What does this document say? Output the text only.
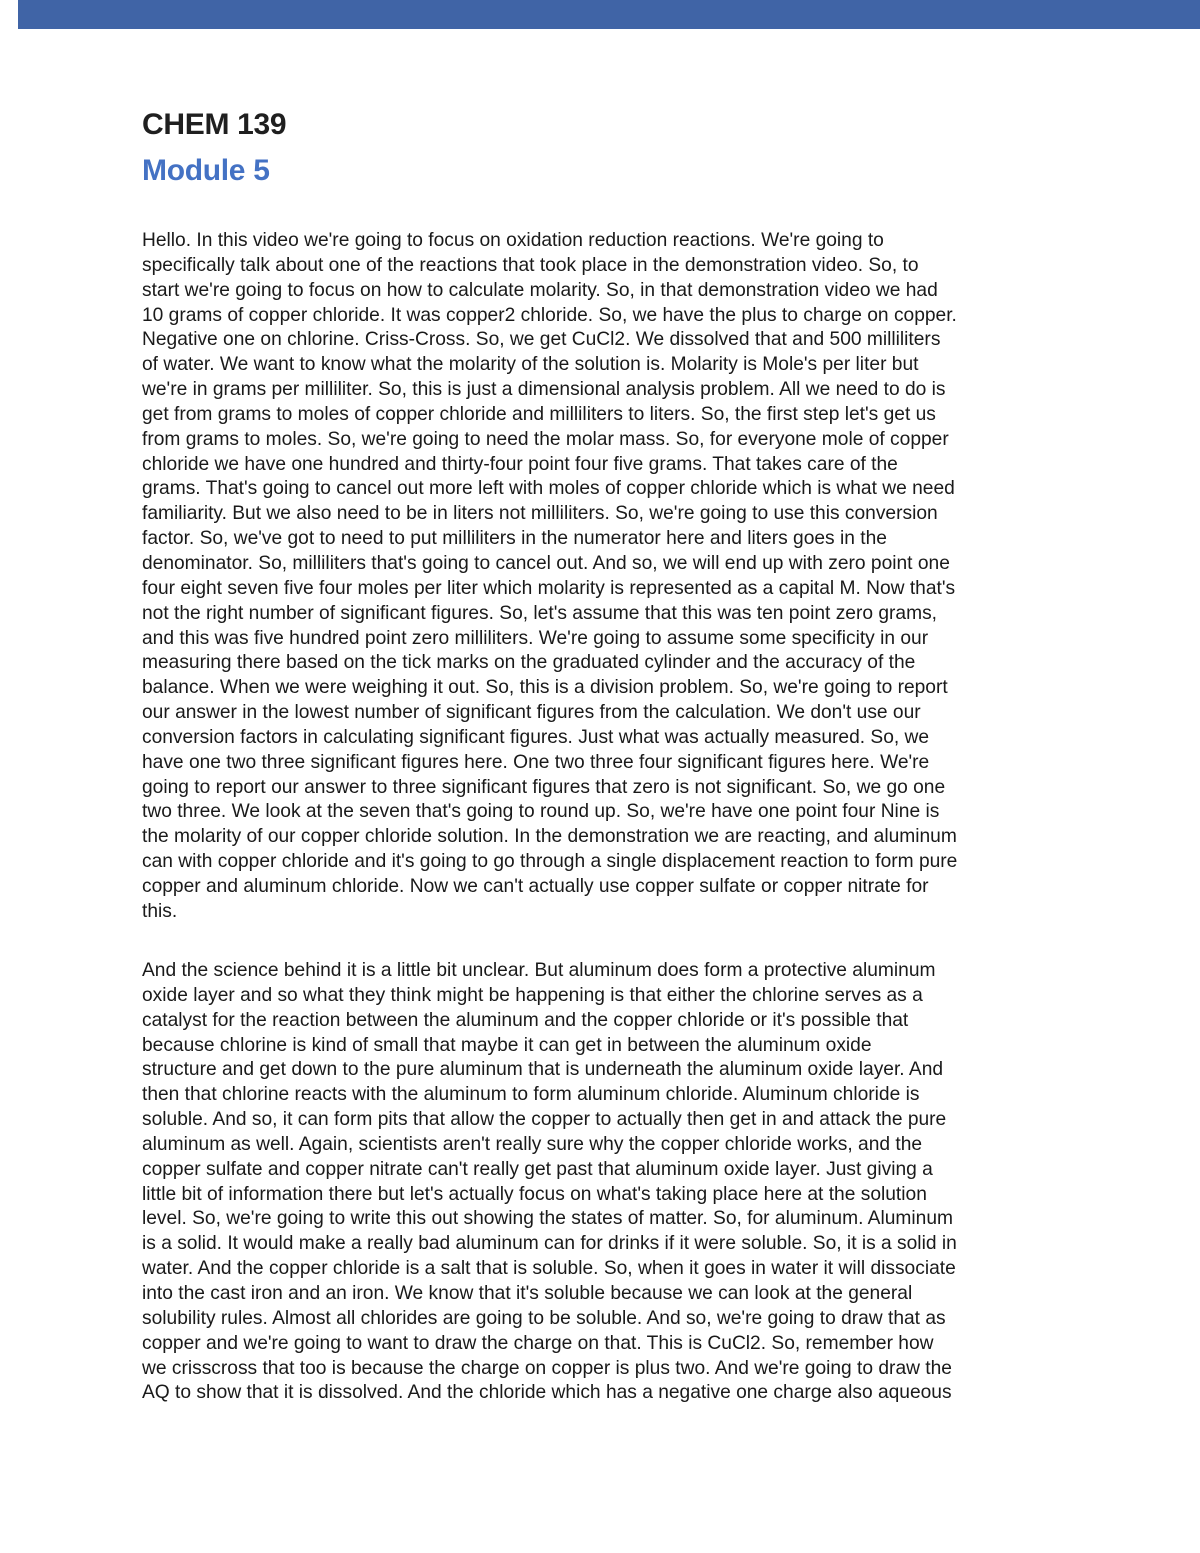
CHEM 139
Module 5
Hello. In this video we're going to focus on oxidation reduction reactions. We're going to
specifically talk about one of the reactions that took place in the demonstration video. So, to
start we're going to focus on how to calculate molarity. So, in that demonstration video we had
10 grams of copper chloride. It was copper2 chloride. So, we have the plus to charge on copper.
Negative one on chlorine. Criss-Cross. So, we get CuCl2. We dissolved that and 500 milliliters
of water. We want to know what the molarity of the solution is. Molarity is Mole's per liter but
we're in grams per milliliter. So, this is just a dimensional analysis problem. All we need to do is
get from grams to moles of copper chloride and milliliters to liters. So, the first step let's get us
from grams to moles. So, we're going to need the molar mass. So, for everyone mole of copper
chloride we have one hundred and thirty-four point four five grams. That takes care of the
grams. That's going to cancel out more left with moles of copper chloride which is what we need
familiarity. But we also need to be in liters not milliliters. So, we're going to use this conversion
factor. So, we've got to need to put milliliters in the numerator here and liters goes in the
denominator. So, milliliters that's going to cancel out. And so, we will end up with zero point one
four eight seven five four moles per liter which molarity is represented as a capital M. Now that's
not the right number of significant figures. So, let's assume that this was ten point zero grams,
and this was five hundred point zero milliliters. We're going to assume some specificity in our
measuring there based on the tick marks on the graduated cylinder and the accuracy of the
balance. When we were weighing it out. So, this is a division problem. So, we're going to report
our answer in the lowest number of significant figures from the calculation. We don't use our
conversion factors in calculating significant figures. Just what was actually measured. So, we
have one two three significant figures here. One two three four significant figures here. We're
going to report our answer to three significant figures that zero is not significant. So, we go one
two three. We look at the seven that's going to round up. So, we're have one point four Nine is
the molarity of our copper chloride solution. In the demonstration we are reacting, and aluminum
can with copper chloride and it's going to go through a single displacement reaction to form pure
copper and aluminum chloride. Now we can't actually use copper sulfate or copper nitrate for
this.
And the science behind it is a little bit unclear. But aluminum does form a protective aluminum
oxide layer and so what they think might be happening is that either the chlorine serves as a
catalyst for the reaction between the aluminum and the copper chloride or it's possible that
because chlorine is kind of small that maybe it can get in between the aluminum oxide
structure and get down to the pure aluminum that is underneath the aluminum oxide layer. And
then that chlorine reacts with the aluminum to form aluminum chloride. Aluminum chloride is
soluble. And so, it can form pits that allow the copper to actually then get in and attack the pure
aluminum as well. Again, scientists aren't really sure why the copper chloride works, and the
copper sulfate and copper nitrate can't really get past that aluminum oxide layer. Just giving a
little bit of information there but let's actually focus on what's taking place here at the solution
level. So, we're going to write this out showing the states of matter. So, for aluminum. Aluminum
is a solid. It would make a really bad aluminum can for drinks if it were soluble. So, it is a solid in
water. And the copper chloride is a salt that is soluble. So, when it goes in water it will dissociate
into the cast iron and an iron. We know that it's soluble because we can look at the general
solubility rules. Almost all chlorides are going to be soluble. And so, we're going to draw that as
copper and we're going to want to draw the charge on that. This is CuCl2. So, remember how
we crisscross that too is because the charge on copper is plus two. And we're going to draw the
AQ to show that it is dissolved. And the chloride which has a negative one charge also aqueous
